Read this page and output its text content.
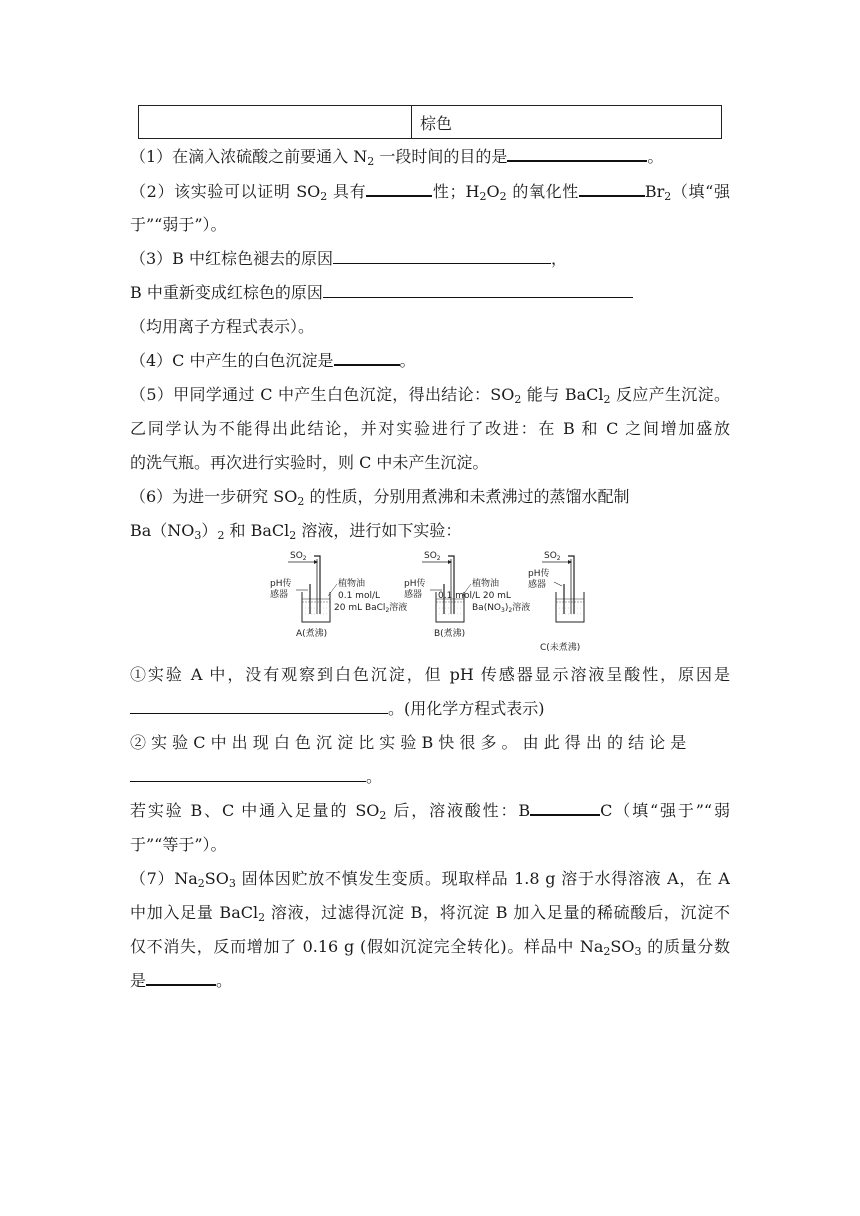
	棕色
（1）在滴入浓硫酸之前要通入 $N_2$ 一段时间的目的是	。
（2）该实验可以证明 $SO_2$ 具有	性；$H_2O_2$ 的氧化性	$Br_2$（填“强
于”“弱于”）。
（3）B 中红棕色褪去的原因	，
B 中重新变成红棕色的原因
（均用离子方程式表示）。
（4）C 中产生的白色沉淀是	。
（5）甲同学通过 C 中产生白色沉淀，得出结论：$SO_2$ 能与 BaCl$_2$ 反应产生沉淀。
乙同学认为不能得出此结论，并对实验进行了改进：在 B 和 C 之间增加盛放
的洗气瓶。再次进行实验时，则 C 中未产生沉淀。
（6）为进一步研究 $SO_2$ 的性质，分别用煮沸和未煮沸过的蒸馏水配制
$Ba(NO_3)_2$ 和 BaCl$_2$ 溶液，进行如下实验：
$SO_2$
pH传
感器
植物油
0.1 mol/L
20 mL BaCl$_2$溶液
A(煮沸)
$SO_2$
pH传
感器
植物油
0.1 mol/L 20 mL
$Ba(NO_3)_2$溶液
B(煮沸)
$SO_2$
pH传
感器
C(未煮沸)
①实验 A 中，没有观察到白色沉淀，但 pH 传感器显示溶液呈酸性，原因是
。(用化学方程式表示)
② 实 验 C 中 出 现 白 色 沉 淀 比 实 验 B 快 很 多 。 由 此 得 出 的 结 论 是
。
若实验 B、C 中通入足量的 $SO_2$ 后，溶液酸性：B	C（填“强于”“弱
于”“等于”）。
$(7)Na_2SO_3$ 固体因贮放不慎发生变质。现取样品 1.8 g 溶于水得溶液 A，在 A
中加入足量 BaCl$_2$ 溶液，过滤得沉淀 B，将沉淀 B 加入足量的稀硫酸后，沉淀不
仅不消失，反而增加了 0.16 g (假如沉淀完全转化)。样品中 $Na_2SO_3$ 的质量分数
是	。
